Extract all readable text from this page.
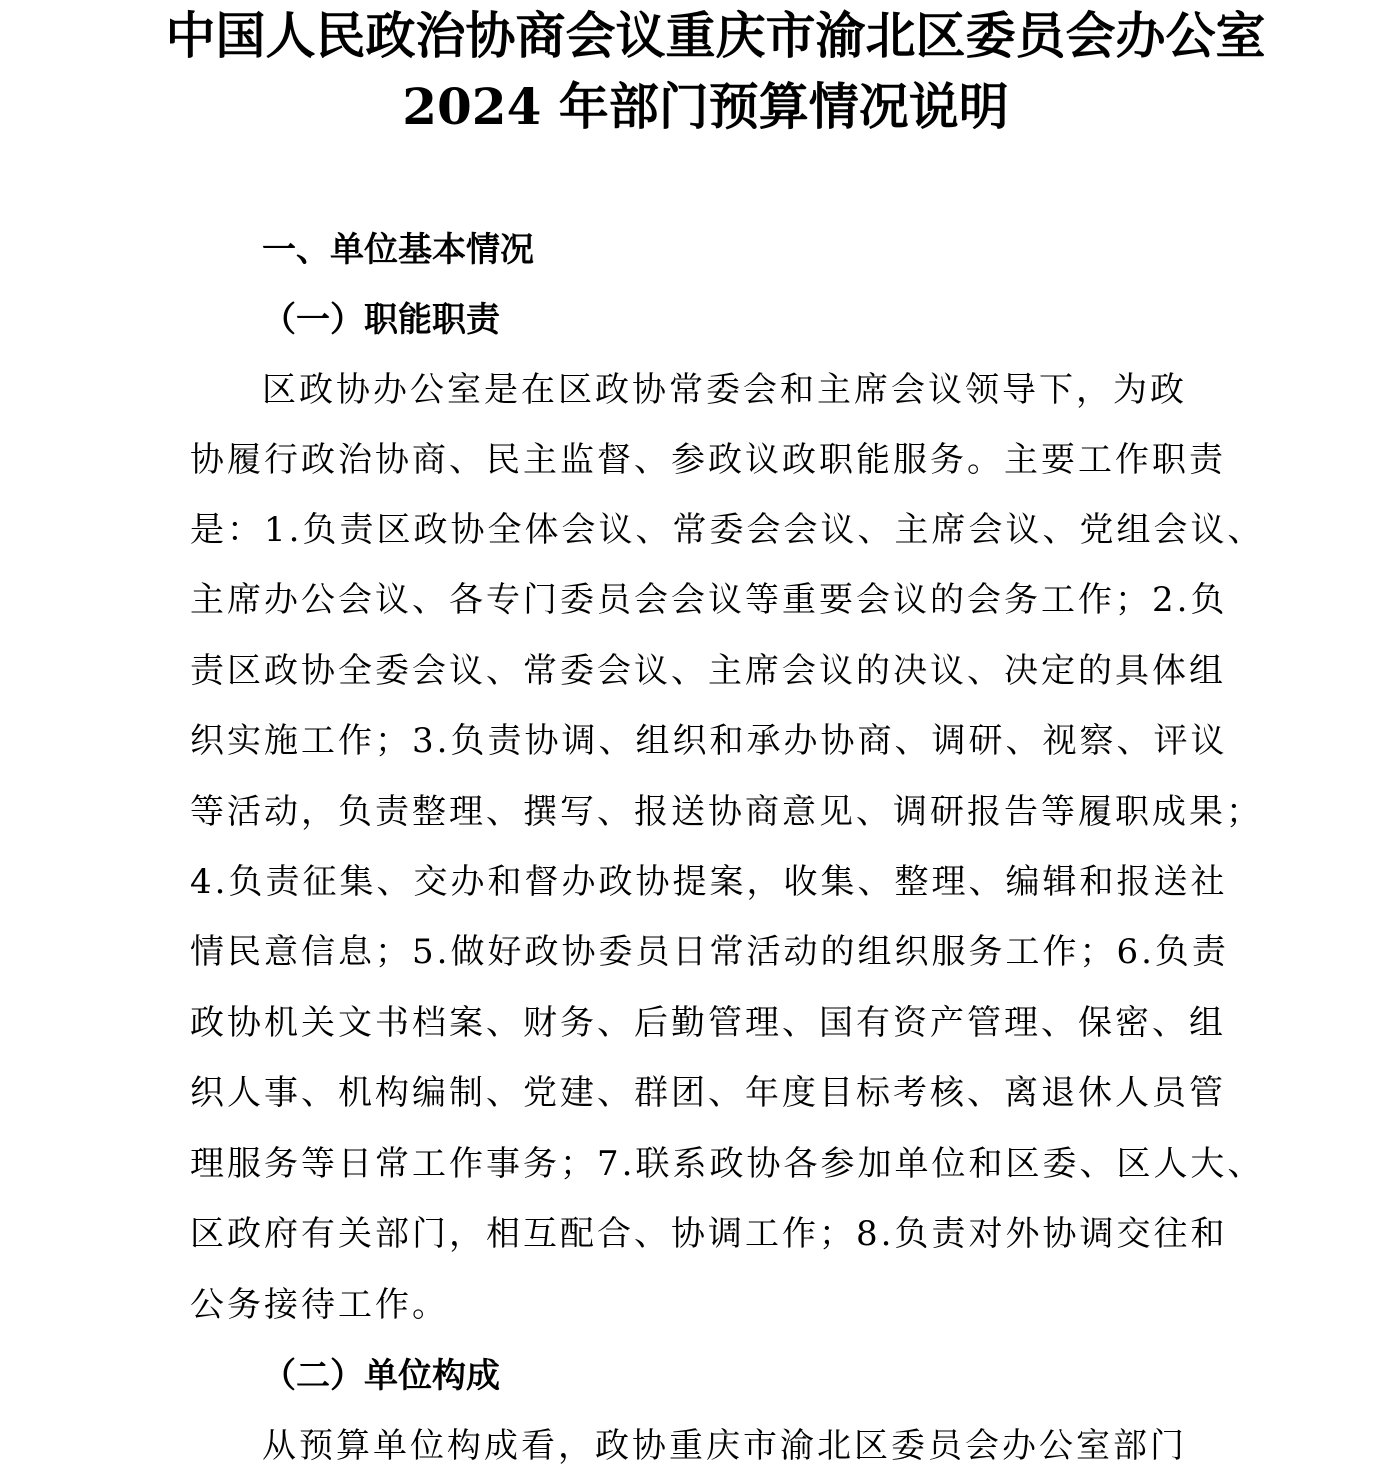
中国人民政治协商会议重庆市渝北区委员会办公室
2024 年部门预算情况说明
一、单位基本情况
（一）职能职责
区政协办公室是在区政协常委会和主席会议领导下，为政
协履行政治协商、民主监督、参政议政职能服务。主要工作职责
是：1.负责区政协全体会议、常委会会议、主席会议、党组会议、
主席办公会议、各专门委员会会议等重要会议的会务工作；2.负
责区政协全委会议、常委会议、主席会议的决议、决定的具体组
织实施工作；3.负责协调、组织和承办协商、调研、视察、评议
等活动，负责整理、撰写、报送协商意见、调研报告等履职成果；
4.负责征集、交办和督办政协提案，收集、整理、编辑和报送社
情民意信息；5.做好政协委员日常活动的组织服务工作；6.负责
政协机关文书档案、财务、后勤管理、国有资产管理、保密、组
织人事、机构编制、党建、群团、年度目标考核、离退休人员管
理服务等日常工作事务；7.联系政协各参加单位和区委、区人大、
区政府有关部门，相互配合、协调工作；8.负责对外协调交往和
公务接待工作。
（二）单位构成
从预算单位构成看，政协重庆市渝北区委员会办公室部门
